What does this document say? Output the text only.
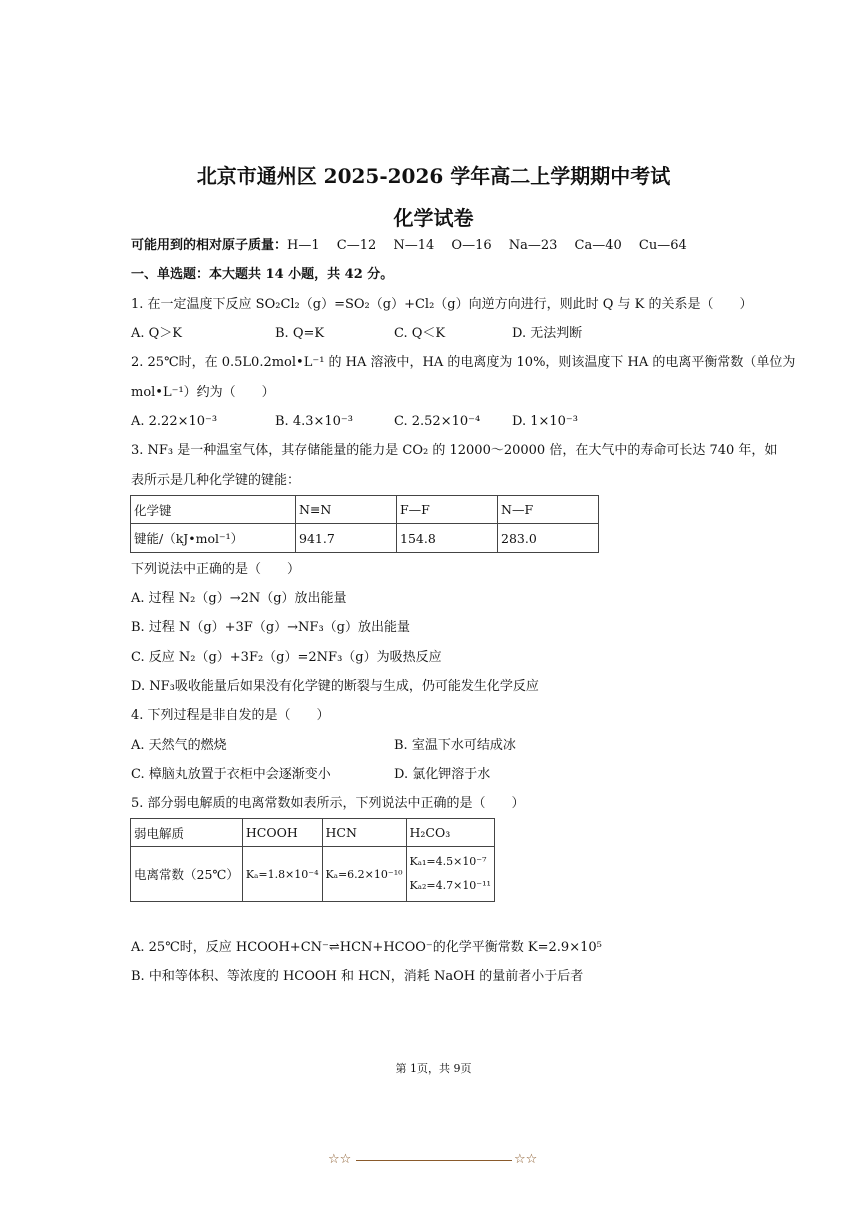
北京市通州区 2025-2026 学年高二上学期期中考试
化学试卷
可能用到的相对原子质量：H—1　 C—12　 N—14　 O—16　 Na—23　 Ca—40　 Cu—64
一、单选题：本大题共 14 小题，共 42 分。
1. 在一定温度下反应 SO₂Cl₂（g）=SO₂（g）+Cl₂（g）向逆方向进行，则此时 Q 与 K 的关系是（　　）
A. Q＞K	B. Q=K	C. Q＜K	D. 无法判断
2. 25℃时，在 0.5L0.2mol•L⁻¹ 的 HA 溶液中，HA 的电离度为 10%，则该温度下 HA 的电离平衡常数（单位为
mol•L⁻¹）约为（　　）
A. 2.22×10⁻³	B. 4.3×10⁻³	C. 2.52×10⁻⁴ D. 1×10⁻³
3. NF₃ 是一种温室气体，其存储能量的能力是 CO₂ 的 12000～20000 倍，在大气中的寿命可长达 740 年，如
表所示是几种化学键的键能：
化学键	N≡N	F—F	N—F
键能/（kJ•mol⁻¹）	941.7	154.8	283.0
下列说法中正确的是（　　）
A. 过程 N₂（g）→2N（g）放出能量
B. 过程 N（g）+3F（g）→NF₃（g）放出能量
C. 反应 N₂（g）+3F₂（g）=2NF₃（g）为吸热反应
D. NF₃吸收能量后如果没有化学键的断裂与生成，仍可能发生化学反应
4. 下列过程是非自发的是（　　）
A. 天然气的燃烧	B. 室温下水可结成冰
C. 樟脑丸放置于衣柜中会逐渐变小	D. 氯化钾溶于水
5. 部分弱电解质的电离常数如表所示，下列说法中正确的是（　　）
弱电解质	HCOOH	HCN	H₂CO₃
电离常数（25℃）	Kₐ=1.8×10⁻⁴	Kₐ=6.2×10⁻¹⁰	Kₐ₁=4.5×10⁻⁷
Kₐ₂=4.7×10⁻¹¹
A. 25℃时，反应 HCOOH+CN⁻⇌HCN+HCOO⁻的化学平衡常数 K=2.9×10⁵
B. 中和等体积、等浓度的 HCOOH 和 HCN，消耗 NaOH 的量前者小于后者
第 1页，共 9页
☆☆	☆☆
